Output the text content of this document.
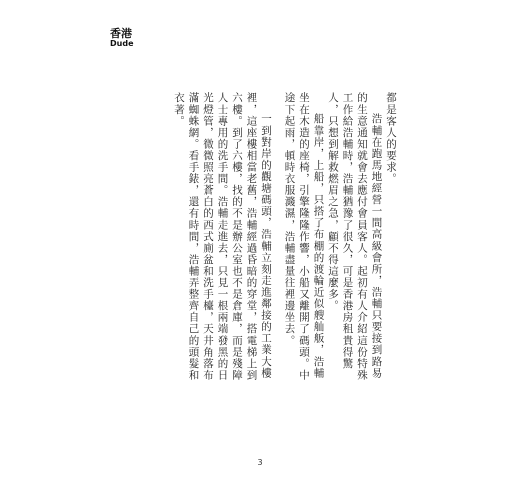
香港
Dude

都是客人的要求。

浩輔在跑馬地經營一間高級會所，浩輔只要接到路易的生意通知就會去應付會員客人。起初有人介紹這份特殊工作給浩輔時，浩輔猶豫了很久，可是香港房租貴得驚人，只想到解救燃眉之急，顧不得這麼多。

船靠岸，上船，只搭了布棚的渡輪近似艘舢舨，浩輔坐在木造的座椅，引擎隆隆作響，小船又離開了碼頭。中途下起雨，頓時衣服濺濕，浩輔盡量往裡邊坐去。

一到對岸的觀塘碼頭，浩輔立刻走進鄰接的工業大樓裡，這座樓相當老舊，浩輔經過昏暗的穿堂，搭電梯上到六樓。到了六樓，找的不是辦公室也不是倉庫，而是殘障人士專用的洗手間。浩輔走進去，只見一根兩端發黑的日光燈管，微微照亮蒼白的西式廁盆和洗手檯，天井角落布滿蜘蛛網。看手錶，還有時間，浩輔弄整齊自己的頭髮和衣著。

3
